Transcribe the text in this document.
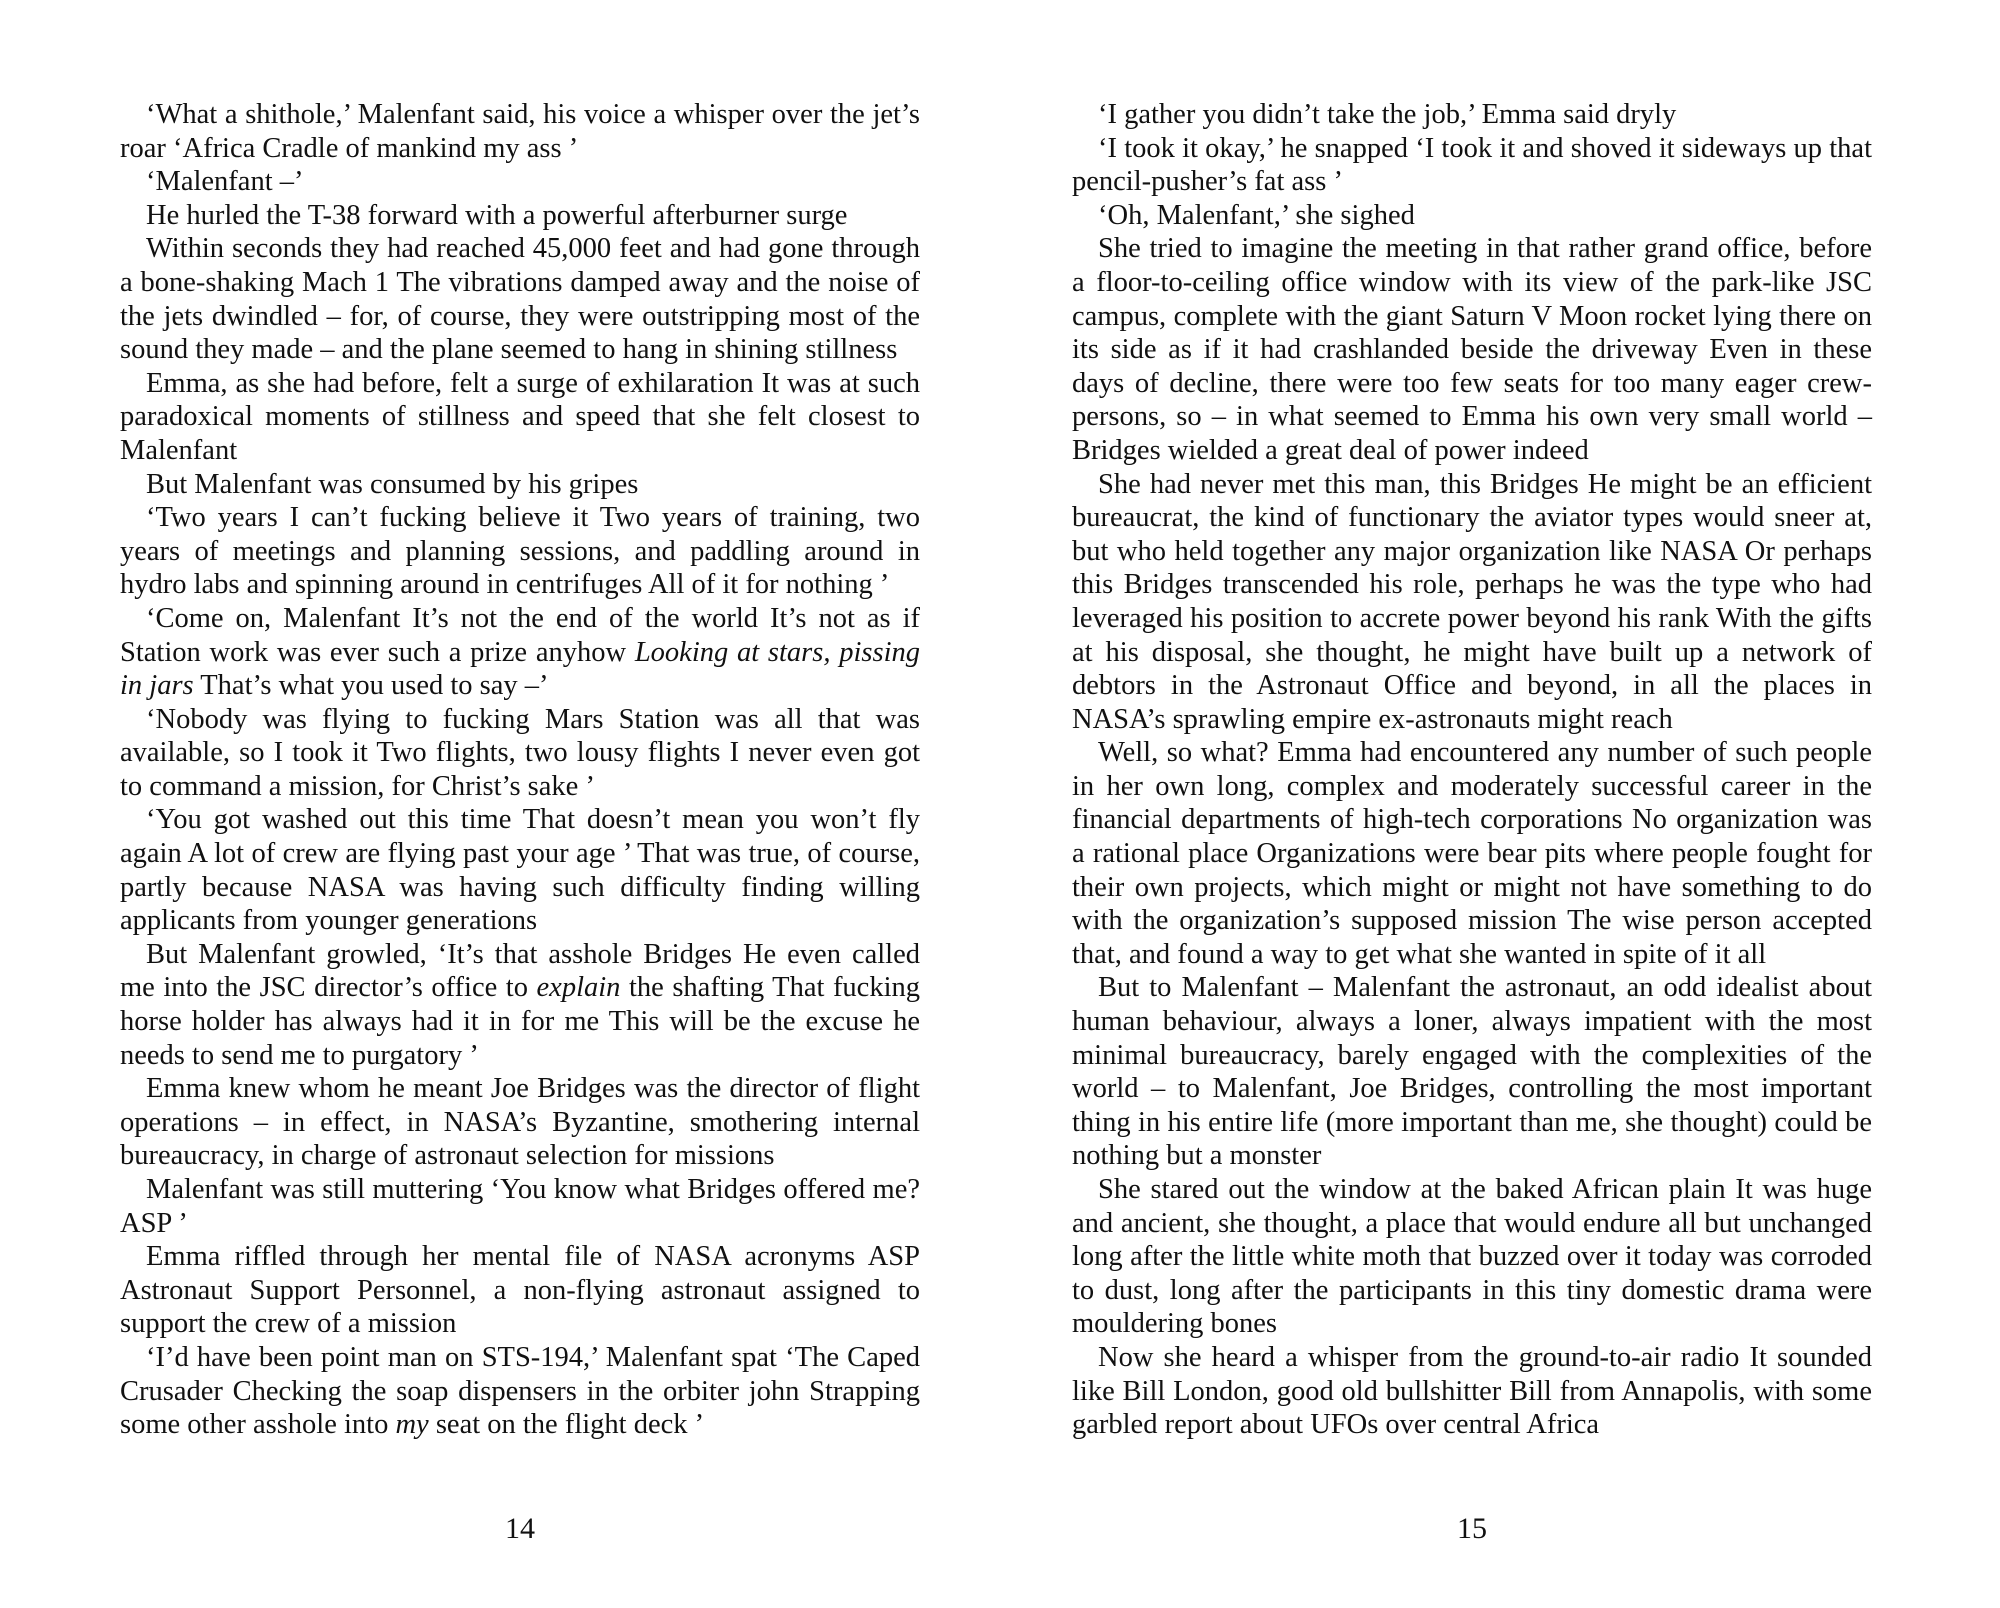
‘What a shithole,’ Malenfant said, his voice a whisper over the jet’s roar ‘Africa Cradle of mankind my ass ’

‘Malenfant –’

He hurled the T-38 forward with a powerful afterburner surge

Within seconds they had reached 45,000 feet and had gone through a bone-shaking Mach 1 The vibrations damped away and the noise of the jets dwindled – for, of course, they were outstripping most of the sound they made – and the plane seemed to hang in shining stillness

Emma, as she had before, felt a surge of exhilaration It was at such paradoxical moments of stillness and speed that she felt closest to Malenfant

But Malenfant was consumed by his gripes

‘Two years I can’t fucking believe it Two years of training, two years of meetings and planning sessions, and paddling around in hydro labs and spinning around in centrifuges All of it for nothing ’

‘Come on, Malenfant It’s not the end of the world It’s not as if Station work was ever such a prize anyhow Looking at stars, pissing in jars That’s what you used to say –’

‘Nobody was flying to fucking Mars Station was all that was available, so I took it Two flights, two lousy flights I never even got to command a mission, for Christ’s sake ’

‘You got washed out this time That doesn’t mean you won’t fly again A lot of crew are flying past your age ’ That was true, of course, partly because NASA was having such difficulty finding willing applicants from younger generations

But Malenfant growled, ‘It’s that asshole Bridges He even called me into the JSC director’s office to explain the shafting That fucking horse holder has always had it in for me This will be the excuse he needs to send me to purgatory ’

Emma knew whom he meant Joe Bridges was the director of flight operations – in effect, in NASA’s Byzantine, smothering internal bureaucracy, in charge of astronaut selection for missions

Malenfant was still muttering ‘You know what Bridges offered me? ASP ’

Emma riffled through her mental file of NASA acronyms ASP Astronaut Support Personnel, a non-flying astronaut assigned to support the crew of a mission

‘I’d have been point man on STS-194,’ Malenfant spat ‘The Caped Crusader Checking the soap dispensers in the orbiter john Strapping some other asshole into my seat on the flight deck ’

14

‘I gather you didn’t take the job,’ Emma said dryly

‘I took it okay,’ he snapped ‘I took it and shoved it sideways up that pencil-pusher’s fat ass ’

‘Oh, Malenfant,’ she sighed

She tried to imagine the meeting in that rather grand office, before a floor-to-ceiling office window with its view of the park-like JSC campus, complete with the giant Saturn V Moon rocket lying there on its side as if it had crashlanded beside the driveway Even in these days of decline, there were too few seats for too many eager crew-persons, so – in what seemed to Emma his own very small world – Bridges wielded a great deal of power indeed

She had never met this man, this Bridges He might be an efficient bureaucrat, the kind of functionary the aviator types would sneer at, but who held together any major organization like NASA Or perhaps this Bridges transcended his role, perhaps he was the type who had leveraged his position to accrete power beyond his rank With the gifts at his disposal, she thought, he might have built up a network of debtors in the Astronaut Office and beyond, in all the places in NASA’s sprawling empire ex-astronauts might reach

Well, so what? Emma had encountered any number of such people in her own long, complex and moderately successful career in the financial departments of high-tech corporations No organization was a rational place Organizations were bear pits where people fought for their own projects, which might or might not have something to do with the organization’s supposed mission The wise person accepted that, and found a way to get what she wanted in spite of it all

But to Malenfant – Malenfant the astronaut, an odd idealist about human behaviour, always a loner, always impatient with the most minimal bureaucracy, barely engaged with the complexities of the world – to Malenfant, Joe Bridges, controlling the most important thing in his entire life (more important than me, she thought) could be nothing but a monster

She stared out the window at the baked African plain It was huge and ancient, she thought, a place that would endure all but unchanged long after the little white moth that buzzed over it today was corroded to dust, long after the participants in this tiny domestic drama were mouldering bones

Now she heard a whisper from the ground-to-air radio It sounded like Bill London, good old bullshitter Bill from Annapolis, with some garbled report about UFOs over central Africa

15
